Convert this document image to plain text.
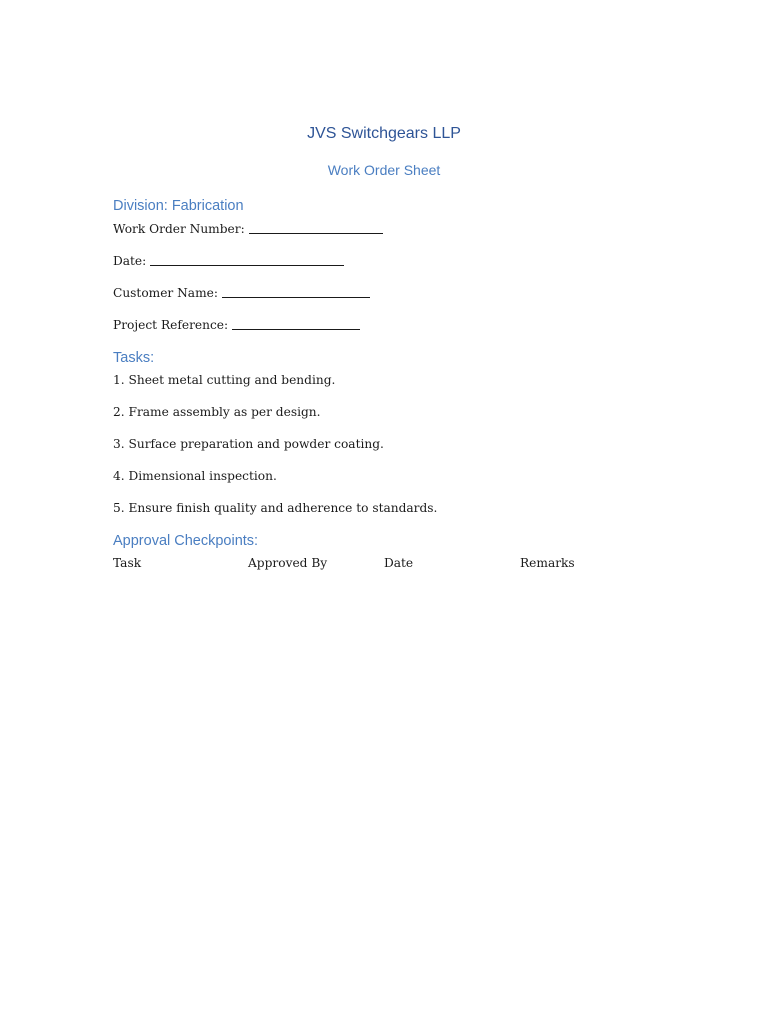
JVS Switchgears LLP
Work Order Sheet
Division: Fabrication

Work Order Number:

Date:

Customer Name:

Project Reference:

Tasks:

1. Sheet metal cutting and bending.

2. Frame assembly as per design.

3. Surface preparation and powder coating.

4. Dimensional inspection.

5. Ensure finish quality and adherence to standards.

Approval Checkpoints:

Task	Approved By	Date	Remarks
